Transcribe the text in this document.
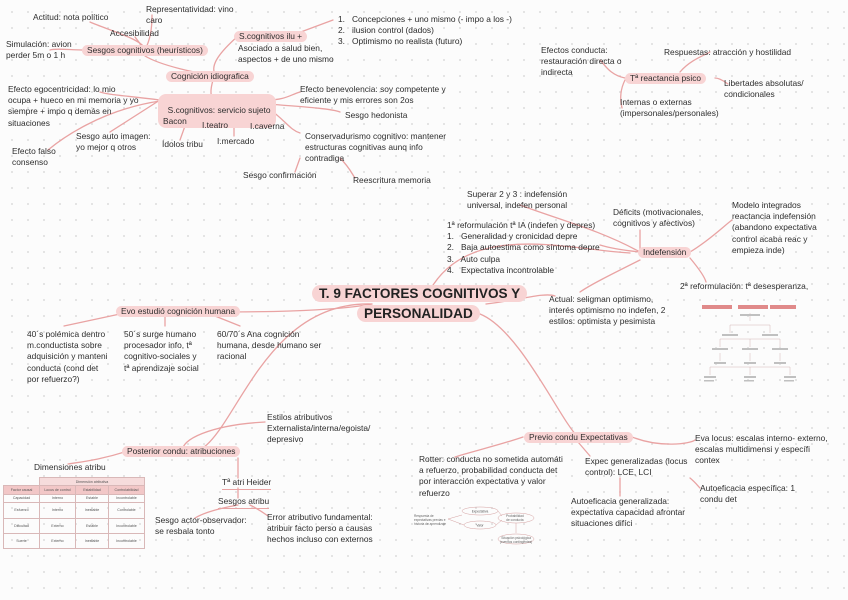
T. 9 FACTORES COGNITIVOS Y
PERSONALIDAD
Actitud: nota político
Representatividad: vino
caro
Accesibilidad
Simulación: avion
perder 5m o 1 h
Sesgos cognitivos (heurísticos)
Cognición idiografica
S.cognitivos ilu +
Asociado a salud bien,
aspectos + de uno mismo
1.   Concepciones + uno mismo (- impo a los -)
2.   ilusion control (dados)
3.   Optimismo no realista (futuro)

S.cognitivos: servicio sujeto
Bacon

Efecto egocentricidad: lo mio
ocupa + hueco en mi memoria y yo
siempre + impo q demás en
situaciones
Sesgo auto imagen:
yo mejor q otros
Efecto falso
consenso
Ídolos tribu
I.teatro	I.caverna
I.mercado
Efecto benevolencia: soy competente y
eficiente y mis errores son 2os
Sesgo hedonista
Conservadurismo cognitivo: mantener
estructuras cognitivas aunq info
contradiga
Sesgo confirmación	Reescritura memoria
Efectos conducta:
restauración directa o
indirecta
Respuestas: atracción y hostilidad
Tª reactancia psico	Libertades absolutas/
condicionales
Internas o externas
(impersonales/personales)
Superar 2 y 3 : indefensión
universal, indefen personal
1ª reformulación tª IA (indefen y depres)
1.   Generalidad y cronicidad depre
2.   Baja autoestima como síntoma depre
3.   Auto culpa
4.   Expectativa incontrolable
Déficits (motivacionales,
cognitivos y afectivos)
Modelo integrados
reactancia indefensión
(abandono expectativa
control acaba reac y
empieza inde)
Indefensión
2ª reformulación: tª desesperanza,
Actual: seligman optimismo,
interés optimismo no indefen, 2
estilos: optimista y pesimista
Evo estudió cognición humana
40´s polémica dentro
m.conductista sobre
adquisición y manteni
conducta (cond det
por refuerzo?)
50´s surge humano
procesador info, tª
cognitivo-sociales y
tª aprendizaje social
60/70´s Ana cognición
humana, desde humano ser
racional
Estilos atributivos
Externalista/interna/egoista/
depresivo
Posterior condu: atribuciones
Dimensiones atribu
Tª atri Heider
Sesgos atribu
Sesgo actor-observador:
se resbala tonto
Error atributivo fundamental:
atribuir facto perso a causas
hechos incluso con externos
	Dimensión atributiva		
Factor causal	Locus de control	Estabilidad	Controlabilidad
Capacidad	Interno	Estable	Incontrolable
Esfuerzo	Interno	Inestable	Controlable
Dificultad	Externo	Estable	Incontrolable
Suerte	Externo	Inestable	Incontrolable
Previo condu Expectativas
Rotter: conducta no sometida automáti
a refuerzo, probabilidad conducta det
por interacción expectativa y valor
refuerzo
Expec generalizadas (locus
control): LCE, LCI
Eva locus: escalas interno- externo,
escalas multidimensi y específi
contex
Autoeficacia generalizada:
expectativa capacidad afrontar
situaciones difíci
Autoeficacia específica: 1
condu det
Expectativa
Valor
Probabilidad
de conducta
Situación psicológica
(eventos contingentes)
Respuesta de
expectativas previas e
historia de aprendizaje
